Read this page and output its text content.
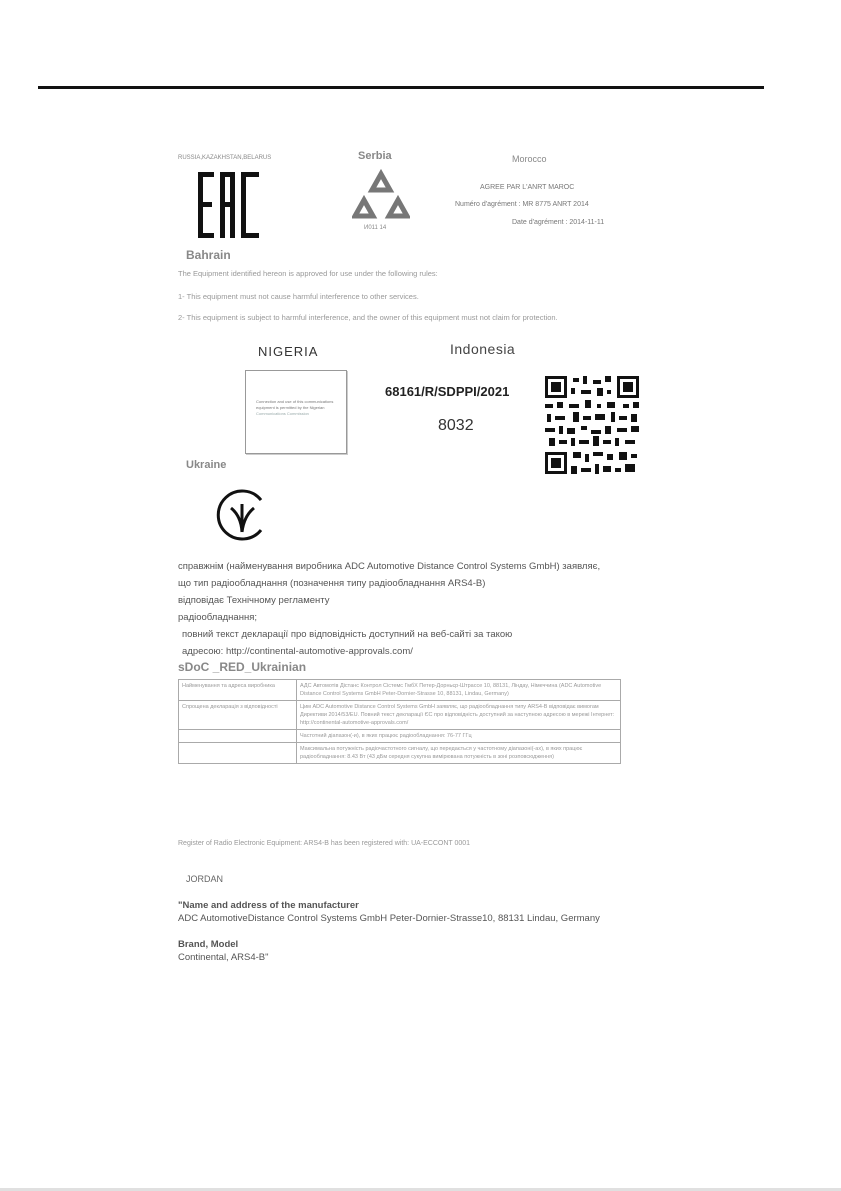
RUSSIA,KAZAKHSTAN,BELARUS	Serbia
И011 14
Morocco
AGREE PAR L'ANRT MAROC
Numéro d'agrément : MR 8775 ANRT 2014
Date d'agrément : 2014-11-11
Bahrain
The Equipment identified hereon is approved for use under the following rules:
1- This equipment must not cause harmful interference to other services.
2- This equipment is subject to harmful interference, and the owner of this equipment must not claim for protection.
NIGERIA
Connection and use of this communications
equipment is permitted by the Nigerian
Communications Commission
Indonesia
68161/R/SDPPI/2021
8032
Ukraine
справжнім (найменування виробника ADC Automotive Distance Control Systems GmbH) заявляє,
що тип радіообладнання (позначення типу радіообладнання ARS4-B)
відповідає Технічному регламенту
радіообладнання;
повний текст декларації про відповідність доступний на веб-сайті за такою
адресою: http://continental-automotive-approvals.com/
sDoC _RED_Ukrainian
Найменування та адреса виробника	АДС Автомотів Дістанс Контрол Сістемс ГмбХ Петер-Дорньєр-Штрассе 10, 88131, Ліндау, Німеччина (ADC Automotive Distance Control Systems GmbH Peter-Dornier-Strasse 10, 88131, Lindau, Germany)
Спрощена декларація з відповідності	Цим ADC Automotive Distance Control Systems GmbH заявляє, що радіообладнання типу ARS4-B відповідає вимогам Директиви 2014/53/EU. Повний текст декларації ЄС про відповідність доступний за наступною адресою в мережі Інтернет: http://continental-automotive-approvals.com/
	Частотний діапазон(-и), в яких працює радіообладнання: 76-77 ГГц
	Максимальна потужність радіочастотного сигналу, що передається у частотному діапазоні(-ах), в яких працює радіообладнання: 8.43 Вт (43 дБм середня сукупна вимірювана потужність в зоні розповсюдження)
Register of Radio Electronic Equipment: ARS4-B has been registered with: UA-ECCONT 0001
JORDAN
"Name and address of the manufacturer
ADC AutomotiveDistance Control Systems GmbH Peter-Dornier-Strasse10, 88131 Lindau, Germany
Brand, Model
Continental, ARS4-B"
